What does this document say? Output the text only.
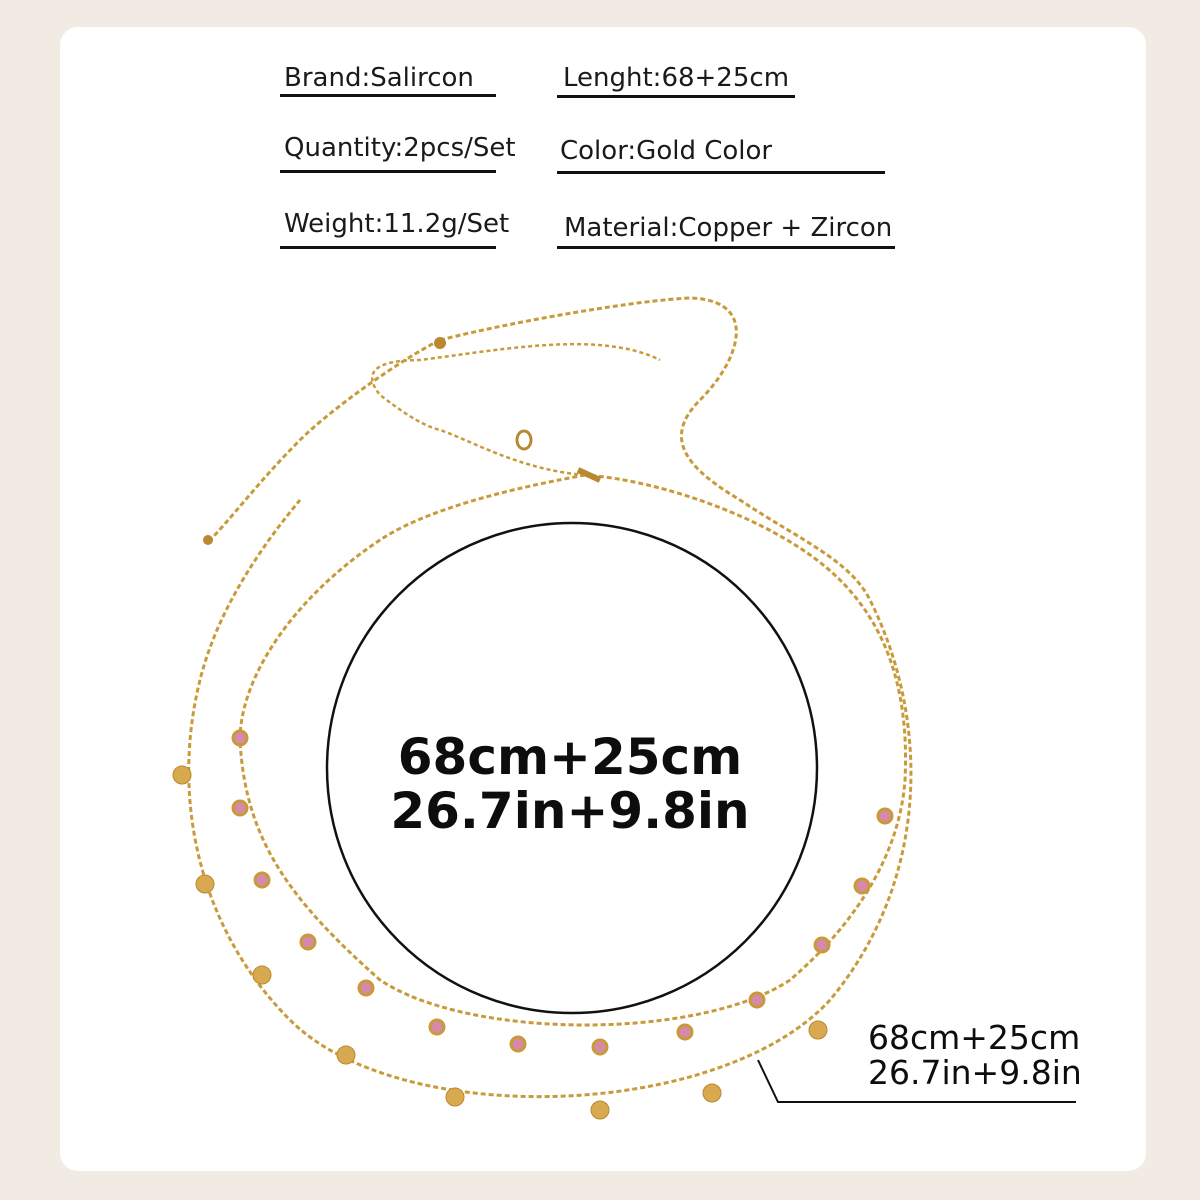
Brand:Salircon	Lenght:68+25cm
Quantity:2pcs/Set Color:Gold Color
Weight:11.2g/Set Material:Copper + Zircon
68cm+25cm
26.7in+9.8in
68cm+25cm
26.7in+9.8in
